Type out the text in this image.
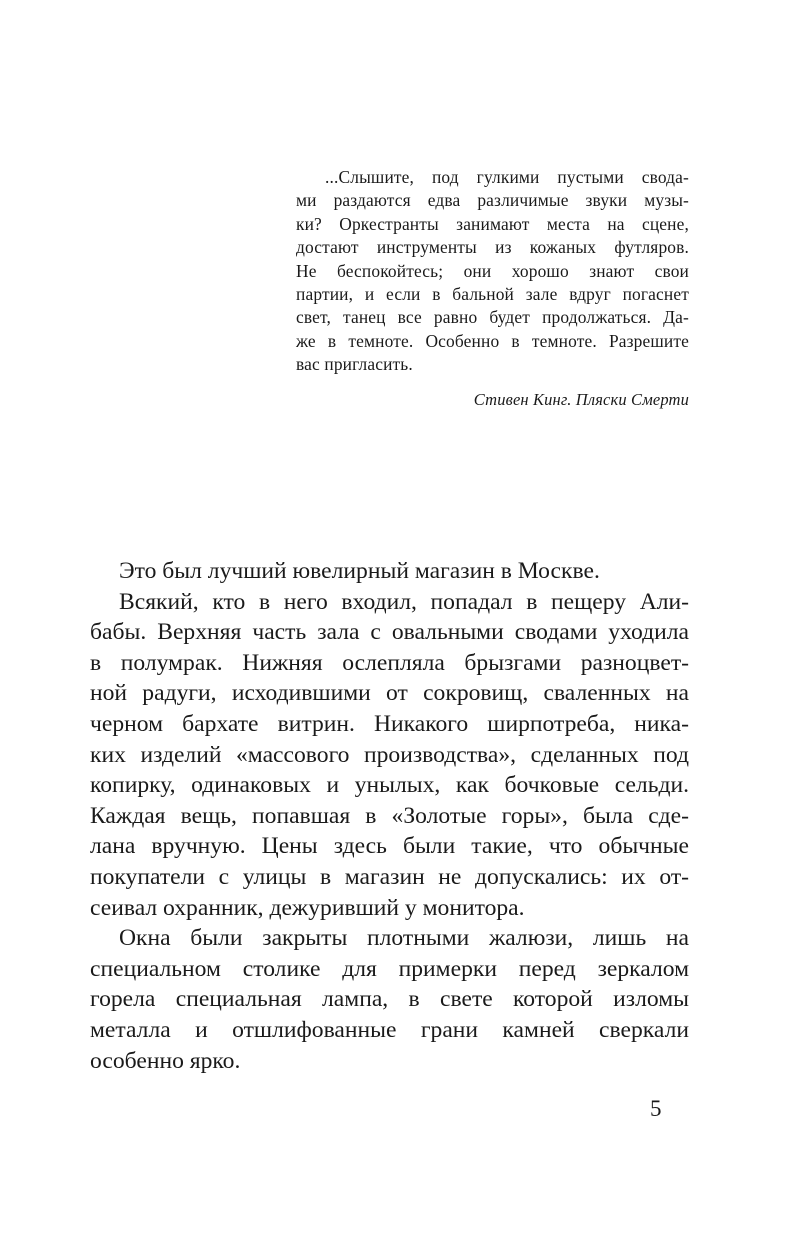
...Слышите, под гулкими пустыми свода-
ми раздаются едва различимые звуки музы-
ки? Оркестранты занимают места на сцене,
достают инструменты из кожаных футляров.
Не беспокойтесь; они хорошо знают свои
партии, и если в бальной зале вдруг погаснет
свет, танец все равно будет продолжаться. Да-
же в темноте. Особенно в темноте. Разрешите
вас пригласить.
Стивен Кинг. Пляски Смерти
Это был лучший ювелирный магазин в Москве.
Всякий, кто в него входил, попадал в пещеру Али-
бабы. Верхняя часть зала с овальными сводами уходила
в полумрак. Нижняя ослепляла брызгами разноцвет-
ной радуги, исходившими от сокровищ, сваленных на
черном бархате витрин. Никакого ширпотреба, ника-
ких изделий «массового производства», сделанных под
копирку, одинаковых и унылых, как бочковые сельди.
Каждая вещь, попавшая в «Золотые горы», была сде-
лана вручную. Цены здесь были такие, что обычные
покупатели с улицы в магазин не допускались: их от-
сеивал охранник, дежуривший у монитора.
Окна были закрыты плотными жалюзи, лишь на
специальном столике для примерки перед зеркалом
горела специальная лампа, в свете которой изломы
металла и отшлифованные грани камней сверкали
особенно ярко.
5
